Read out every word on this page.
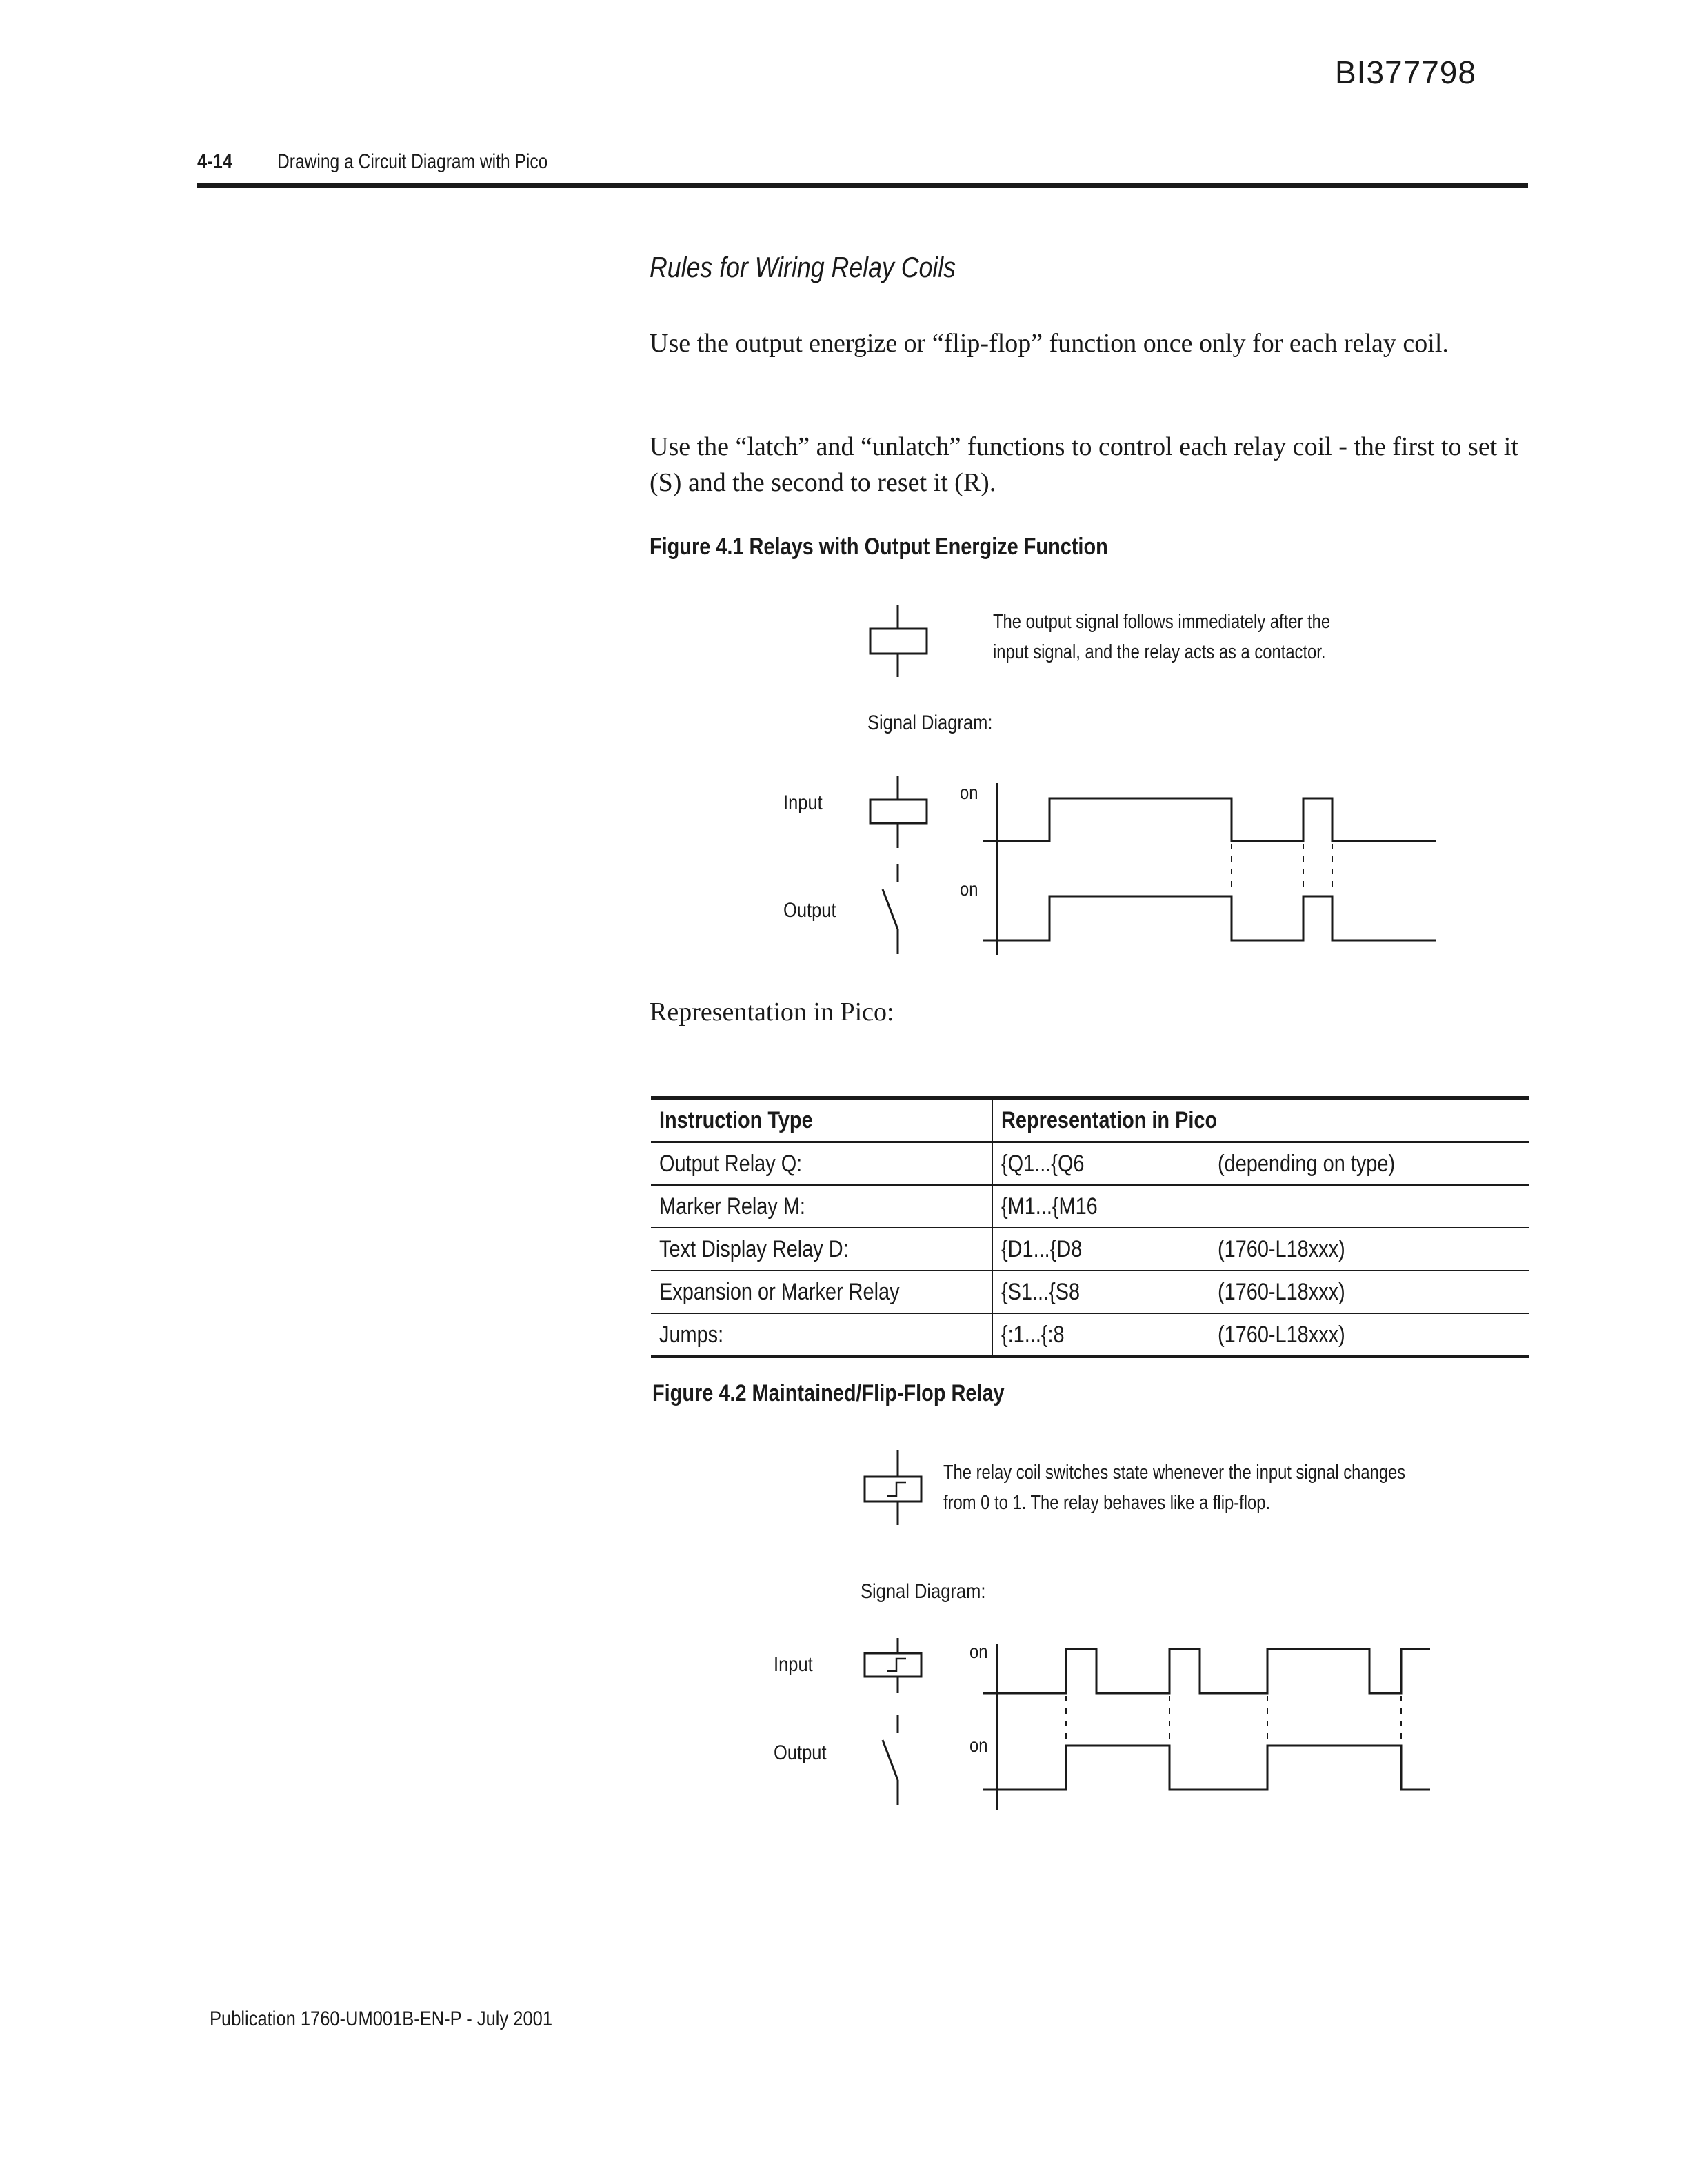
BI377798
4-14 Drawing a Circuit Diagram with Pico
Rules for Wiring Relay Coils
Use the output energize or “flip-flop” function once only for each relay coil.
Use the “latch” and “unlatch” functions to control each relay coil - the first to set it (S) and the second to reset it (R).
Figure 4.1 Relays with Output Energize Function
The output signal follows immediately after the
input signal, and the relay acts as a contactor.
Signal Diagram:
Input
Output
on
on
Representation in Pico:
Instruction Type	Representation in Pico	
Output Relay Q:	{Q1...{Q6	(depending on type)
Marker Relay M:	{M1...{M16	
Text Display Relay D:	{D1...{D8	(1760-L18xxx)
Expansion or Marker Relay	{S1...{S8	(1760-L18xxx)
Jumps:	{:1...{:8	(1760-L18xxx)
Figure 4.2 Maintained/Flip-Flop Relay
The relay coil switches state whenever the input signal changes
from 0 to 1. The relay behaves like a flip-flop.
Signal Diagram:
Input
Output
on
on
Publication 1760-UM001B-EN-P - July 2001
